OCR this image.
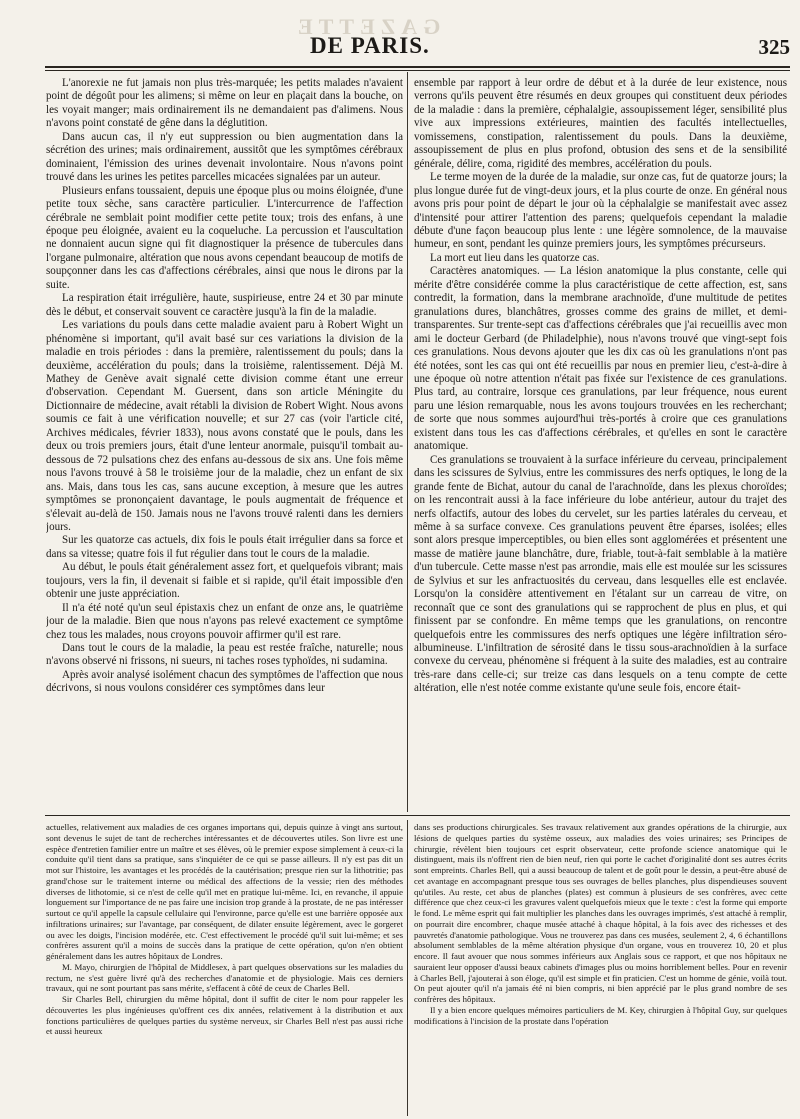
GAZETTE
DE PARIS.	325

L'anorexie ne fut jamais non plus très-marquée; les petits malades n'avaient point de dégoût pour les alimens; si même on leur en plaçait dans la bouche, on les voyait manger; mais ordinairement ils ne demandaient pas d'alimens. Nous n'avons point constaté de gêne dans la déglutition.

Dans aucun cas, il n'y eut suppression ou bien augmentation dans la sécrétion des urines; mais ordinairement, aussitôt que les symptômes cérébraux dominaient, l'émission des urines devenait involontaire. Nous n'avons point trouvé dans les urines les petites parcelles micacées signalées par un auteur.

Plusieurs enfans toussaient, depuis une époque plus ou moins éloignée, d'une petite toux sèche, sans caractère particulier. L'intercurrence de l'affection cérébrale ne semblait point modifier cette petite toux; trois des enfans, à une époque peu éloignée, avaient eu la coqueluche. La percussion et l'auscultation ne donnaient aucun signe qui fit diagnostiquer la présence de tubercules dans l'organe pulmonaire, altération que nous avons cependant beaucoup de motifs de soupçonner dans les cas d'affections cérébrales, ainsi que nous le dirons par la suite.

La respiration était irrégulière, haute, suspirieuse, entre 24 et 30 par minute dès le début, et conservait souvent ce caractère jusqu'à la fin de la maladie.

Les variations du pouls dans cette maladie avaient paru à Robert Wight un phénomène si important, qu'il avait basé sur ces variations la division de la maladie en trois périodes : dans la première, ralentissement du pouls; dans la deuxième, accélération du pouls; dans la troisième, ralentissement. Déjà M. Mathey de Genève avait signalé cette division comme étant une erreur d'observation. Cependant M. Guersent, dans son article Méningite du Dictionnaire de médecine, avait rétabli la division de Robert Wight. Nous avons soumis ce fait à une vérification nouvelle; et sur 27 cas (voir l'article cité, Archives médicales, février 1833), nous avons constaté que le pouls, dans les deux ou trois premiers jours, était d'une lenteur anormale, puisqu'il tombait au-dessous de 72 pulsations chez des enfans au-dessous de six ans. Une fois même nous l'avons trouvé à 58 le troisième jour de la maladie, chez un enfant de six ans. Mais, dans tous les cas, sans aucune exception, à mesure que les autres symptômes se prononçaient davantage, le pouls augmentait de fréquence et s'élevait au-delà de 150. Jamais nous ne l'avons trouvé ralenti dans les derniers jours.

Sur les quatorze cas actuels, dix fois le pouls était irrégulier dans sa force et dans sa vitesse; quatre fois il fut régulier dans tout le cours de la maladie.

Au début, le pouls était généralement assez fort, et quelquefois vibrant; mais toujours, vers la fin, il devenait si faible et si rapide, qu'il était impossible d'en obtenir une juste appréciation.

Il n'a été noté qu'un seul épistaxis chez un enfant de onze ans, le quatrième jour de la maladie. Bien que nous n'ayons pas relevé exactement ce symptôme chez tous les malades, nous croyons pouvoir affirmer qu'il est rare.

Dans tout le cours de la maladie, la peau est restée fraîche, naturelle; nous n'avons observé ni frissons, ni sueurs, ni taches roses typhoïdes, ni sudamina.

Après avoir analysé isolément chacun des symptômes de l'affection que nous décrivons, si nous voulons considérer ces symptômes dans leur

ensemble par rapport à leur ordre de début et à la durée de leur existence, nous verrons qu'ils peuvent être résumés en deux groupes qui constituent deux périodes de la maladie : dans la première, céphalalgie, assoupissement léger, sensibilité plus vive aux impressions extérieures, maintien des facultés intellectuelles, vomissemens, constipation, ralentissement du pouls. Dans la deuxième, assoupissement de plus en plus profond, obtusion des sens et de la sensibilité générale, délire, coma, rigidité des membres, accélération du pouls.

Le terme moyen de la durée de la maladie, sur onze cas, fut de quatorze jours; la plus longue durée fut de vingt-deux jours, et la plus courte de onze. En général nous avons pris pour point de départ le jour où la céphalalgie se manifestait avec assez d'intensité pour attirer l'attention des parens; quelquefois cependant la maladie débute d'une façon beaucoup plus lente : une légère somnolence, de la mauvaise humeur, en sont, pendant les quinze premiers jours, les symptômes précurseurs.

La mort eut lieu dans les quatorze cas.

Caractères anatomiques. — La lésion anatomique la plus constante, celle qui mérite d'être considérée comme la plus caractéristique de cette affection, est, sans contredit, la formation, dans la membrane arachnoïde, d'une multitude de petites granulations dures, blanchâtres, grosses comme des grains de millet, et demi-transparentes. Sur trente-sept cas d'affections cérébrales que j'ai recueillis avec mon ami le docteur Gerbard (de Philadelphie), nous n'avons trouvé que vingt-sept fois ces granulations. Nous devons ajouter que les dix cas où les granulations n'ont pas été notées, sont les cas qui ont été recueillis par nous en premier lieu, c'est-à-dire à une époque où notre attention n'était pas fixée sur l'existence de ces granulations. Plus tard, au contraire, lorsque ces granulations, par leur fréquence, nous eurent paru une lésion remarquable, nous les avons toujours trouvées en les recherchant; de sorte que nous sommes aujourd'hui très-portés à croire que ces granulations existent dans tous les cas d'affections cérébrales, et qu'elles en sont le caractère anatomique.

Ces granulations se trouvaient à la surface inférieure du cerveau, principalement dans les scissures de Sylvius, entre les commissures des nerfs optiques, le long de la grande fente de Bichat, autour du canal de l'arachnoïde, dans les plexus choroïdes; on les rencontrait aussi à la face inférieure du lobe antérieur, autour du trajet des nerfs olfactifs, autour des lobes du cervelet, sur les parties latérales du cerveau, et même à sa surface convexe. Ces granulations peuvent être éparses, isolées; elles sont alors presque imperceptibles, ou bien elles sont agglomérées et présentent une masse de matière jaune blanchâtre, dure, friable, tout-à-fait semblable à la matière d'un tubercule. Cette masse n'est pas arrondie, mais elle est moulée sur les scissures de Sylvius et sur les anfractuosités du cerveau, dans lesquelles elle est enclavée. Lorsqu'on la considère attentivement en l'étalant sur un carreau de vitre, on reconnaît que ce sont des granulations qui se rapprochent de plus en plus, et qui finissent par se confondre. En même temps que les granulations, on rencontre quelquefois entre les commissures des nerfs optiques une légère infiltration séro-albumineuse. L'infiltration de sérosité dans le tissu sous-arachnoïdien à la surface convexe du cerveau, phénomène si fréquent à la suite des maladies, est au contraire très-rare dans celle-ci; sur treize cas dans lesquels on a tenu compte de cette altération, elle n'est notée comme existante qu'une seule fois, encore était-

actuelles, relativement aux maladies de ces organes importans qui, depuis quinze à vingt ans surtout, sont devenus le sujet de tant de recherches intéressantes et de découvertes utiles. Son livre est une espèce d'entretien familier entre un maître et ses élèves, où le premier expose simplement à ceux-ci la conduite qu'il tient dans sa pratique, sans s'inquiéter de ce qui se passe ailleurs. Il n'y est pas dit un mot sur l'histoire, les avantages et les procédés de la cautérisation; presque rien sur la lithotritie; pas grand'chose sur le traitement interne ou médical des affections de la vessie; rien des méthodes diverses de lithotomie, si ce n'est de celle qu'il met en pratique lui-même. Ici, en revanche, il appuie longuement sur l'importance de ne pas faire une incision trop grande à la prostate, de ne pas intéresser surtout ce qu'il appelle la capsule cellulaire qui l'environne, parce qu'elle est une barrière opposée aux infiltrations urinaires; sur l'avantage, par conséquent, de dilater ensuite légèrement, avec le gorgeret ou avec les doigts, l'incision modérée, etc. C'est effectivement le procédé qu'il suit lui-même; et ses confrères assurent qu'il a moins de succès dans la pratique de cette opération, qu'on n'en obtient généralement dans les autres hôpitaux de Londres.

M. Mayo, chirurgien de l'hôpital de Middlesex, à part quelques observations sur les maladies du rectum, ne s'est guère livré qu'à des recherches d'anatomie et de physiologie. Mais ces derniers travaux, qui ne sont pourtant pas sans mérite, s'effacent à côté de ceux de Charles Bell.

Sir Charles Bell, chirurgien du même hôpital, dont il suffit de citer le nom pour rappeler les découvertes les plus ingénieuses qu'offrent ces dix années, relativement à la distribution et aux fonctions particulières de quelques parties du système nerveux, sir Charles Bell n'est pas aussi riche et aussi heureux

dans ses productions chirurgicales. Ses travaux relativement aux grandes opérations de la chirurgie, aux lésions de quelques parties du système osseux, aux maladies des voies urinaires; ses Principes de chirurgie, révèlent bien toujours cet esprit observateur, cette profonde science anatomique qui le distinguent, mais ils n'offrent rien de bien neuf, rien qui porte le cachet d'originalité dont ses autres écrits sont empreints. Charles Bell, qui a aussi beaucoup de talent et de goût pour le dessin, a peut-être abusé de cet avantage en accompagnant presque tous ses ouvrages de belles planches, plus dispendieuses souvent qu'utiles. Au reste, cet abus de planches (plates) est commun à plusieurs de ses confrères, avec cette différence que chez ceux-ci les gravures valent quelquefois mieux que le texte : c'est la forme qui emporte le fond. Le même esprit qui fait multiplier les planches dans les ouvrages imprimés, s'est attaché à remplir, on pourrait dire encombrer, chaque musée attaché à chaque hôpital, à la fois avec des richesses et des pauvretés d'anatomie pathologique. Vous ne trouverez pas dans ces musées, seulement 2, 4, 6 échantillons absolument semblables de la même altération physique d'un organe, vous en trouverez 10, 20 et plus encore. Il faut avouer que nous sommes inférieurs aux Anglais sous ce rapport, et que nos hôpitaux ne sauraient leur opposer d'aussi beaux cabinets d'images plus ou moins horriblement belles. Pour en revenir à Charles Bell, j'ajouterai à son éloge, qu'il est simple et fin praticien. C'est un homme de génie, voilà tout. On peut ajouter qu'il n'a jamais été ni bien compris, ni bien apprécié par le plus grand nombre de ses confrères des hôpitaux.

Il y a bien encore quelques mémoires particuliers de M. Key, chirurgien à l'hôpital Guy, sur quelques modifications à l'incision de la prostate dans l'opération
